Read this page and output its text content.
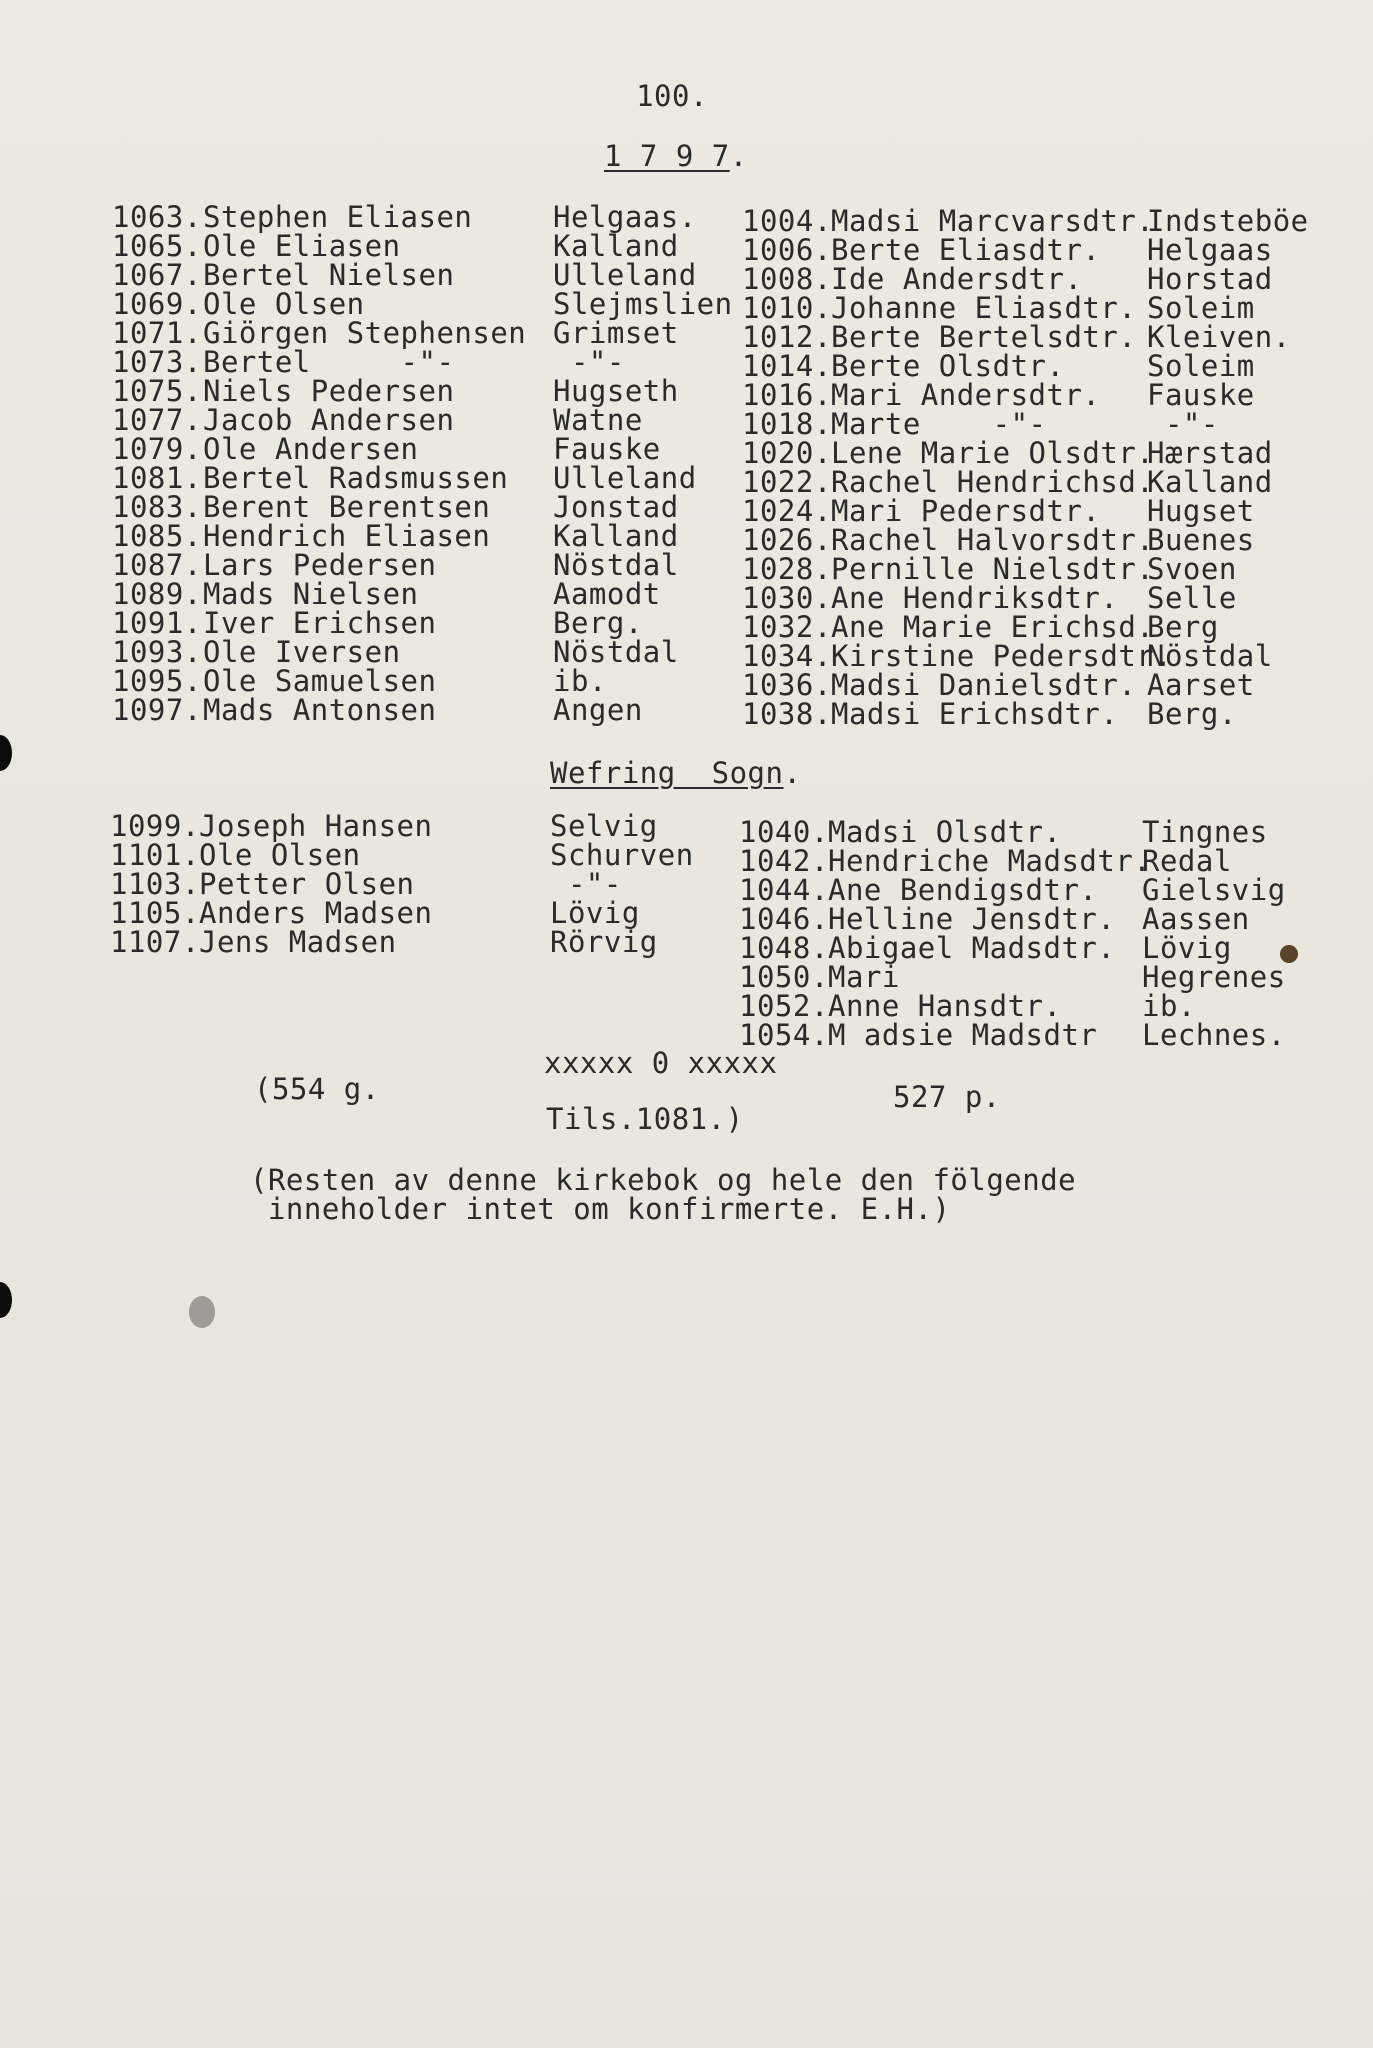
100.
1 7 9 7.
1063.
1065.
1067.
1069.
1071.
1073.
1075.
1077.
1079.
1081.
1083.
1085.
1087.
1089.
1091.
1093.
1095.
1097.
Stephen Eliasen
Ole Eliasen
Bertel Nielsen
Ole Olsen
Giörgen Stephensen
Bertel     -"-
Niels Pedersen
Jacob Andersen
Ole Andersen
Bertel Radsmussen
Berent Berentsen
Hendrich Eliasen
Lars Pedersen
Mads Nielsen
Iver Erichsen
Ole Iversen
Ole Samuelsen
Mads Antonsen
Helgaas.
Kalland
Ulleland
Slejmslien
Grimset
-"-
Hugseth
Watne
Fauske
Ulleland
Jonstad
Kalland
Nöstdal
Aamodt
Berg.
Nöstdal
ib.
Angen
1004.
1006.
1008.
1010.
1012.
1014.
1016.
1018.
1020.
1022.
1024.
1026.
1028.
1030.
1032.
1034.
1036.
1038.
Madsi Marcvarsdtr.
Berte Eliasdtr.
Ide Andersdtr.
Johanne Eliasdtr.
Berte Bertelsdtr.
Berte Olsdtr.
Mari Andersdtr.
Marte    -"-
Lene Marie Olsdtr.
Rachel Hendrichsd.
Mari Pedersdtr.
Rachel Halvorsdtr.
Pernille Nielsdtr.
Ane Hendriksdtr.
Ane Marie Erichsd.
Kirstine Pedersdtr.
Madsi Danielsdtr.
Madsi Erichsdtr.
Indsteböe
Helgaas
Horstad
Soleim
Kleiven.
Soleim
Fauske
-"-
Hærstad
Kalland
Hugset
Buenes
Svoen
Selle
Berg
Nöstdal
Aarset
Berg.
Wefring  Sogn.
1099.
1101.
1103.
1105.
1107.
Joseph Hansen
Ole Olsen
Petter Olsen
Anders Madsen
Jens Madsen
Selvig
Schurven
-"-
Lövig
Rörvig
1040.
1042.
1044.
1046.
1048.
1050.
1052.
1054.
Madsi Olsdtr.
Hendriche Madsdtr.
Ane Bendigsdtr.
Helline Jensdtr.
Abigael Madsdtr.
Mari
Anne Hansdtr.
M adsie Madsdtr
Tingnes
Redal
Gielsvig
Aassen
Lövig
Hegrenes
ib.
Lechnes.
xxxxx 0 xxxxx
(554 g.	527 p.
Tils.1081.)
(Resten av denne kirkebok og hele den fölgende
inneholder intet om konfirmerte. E.H.)
